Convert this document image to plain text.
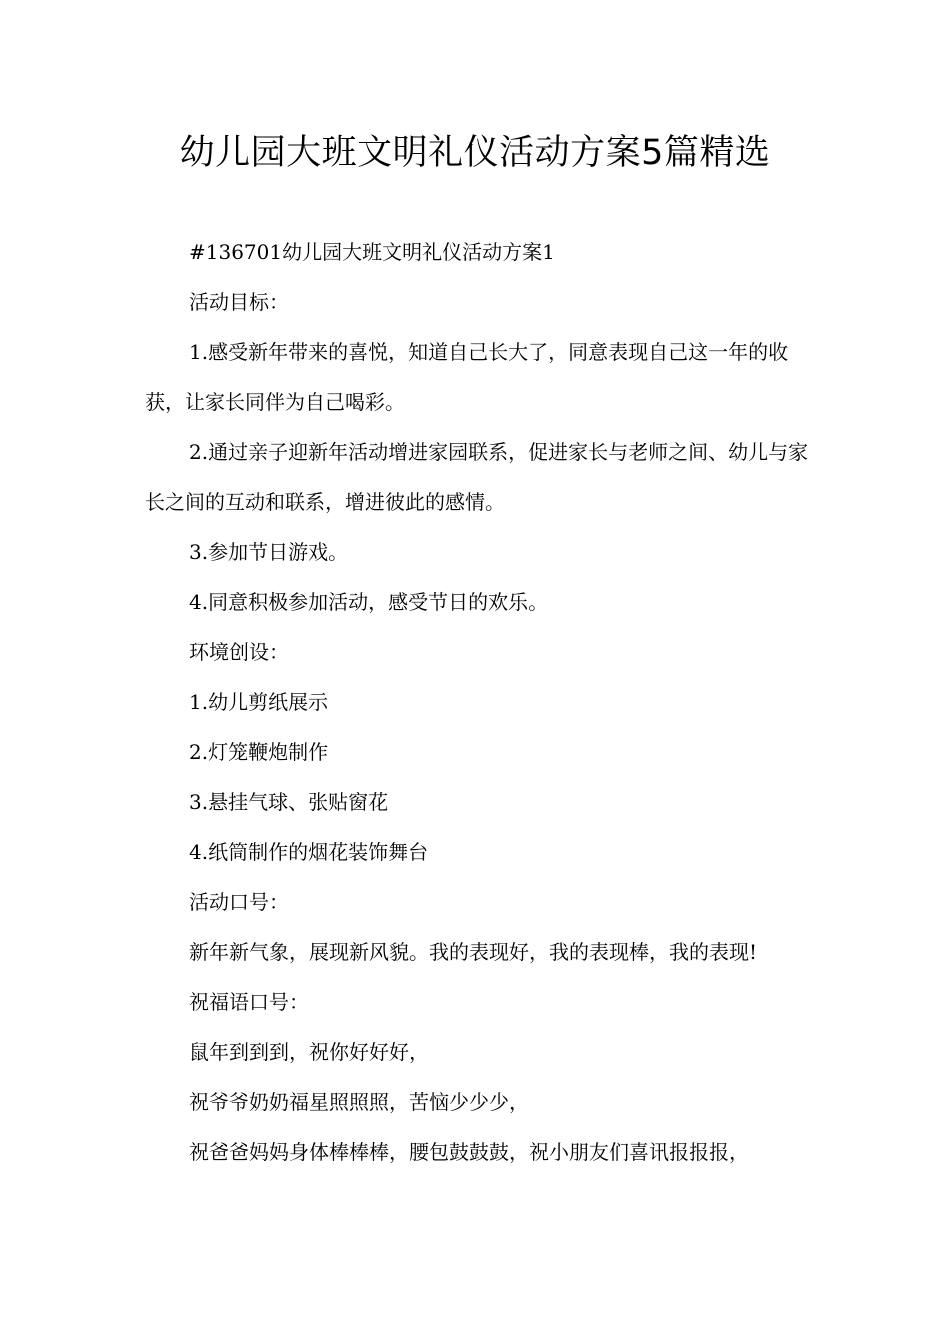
幼儿园大班文明礼仪活动方案5篇精选

#136701幼儿园大班文明礼仪活动方案1

活动目标：

1.感受新年带来的喜悦，知道自己长大了，同意表现自己这一年的收获，让家长同伴为自己喝彩。

2.通过亲子迎新年活动增进家园联系，促进家长与老师之间、幼儿与家长之间的互动和联系，增进彼此的感情。

3.参加节日游戏。

4.同意积极参加活动，感受节日的欢乐。

环境创设：

1.幼儿剪纸展示

2.灯笼鞭炮制作

3.悬挂气球、张贴窗花

4.纸筒制作的烟花装饰舞台

活动口号：

新年新气象，展现新风貌。我的表现好，我的表现棒，我的表现!

祝福语口号：

鼠年到到到，祝你好好好，

祝爷爷奶奶福星照照照，苦恼少少少，

祝爸爸妈妈身体棒棒棒，腰包鼓鼓鼓，祝小朋友们喜讯报报报，
